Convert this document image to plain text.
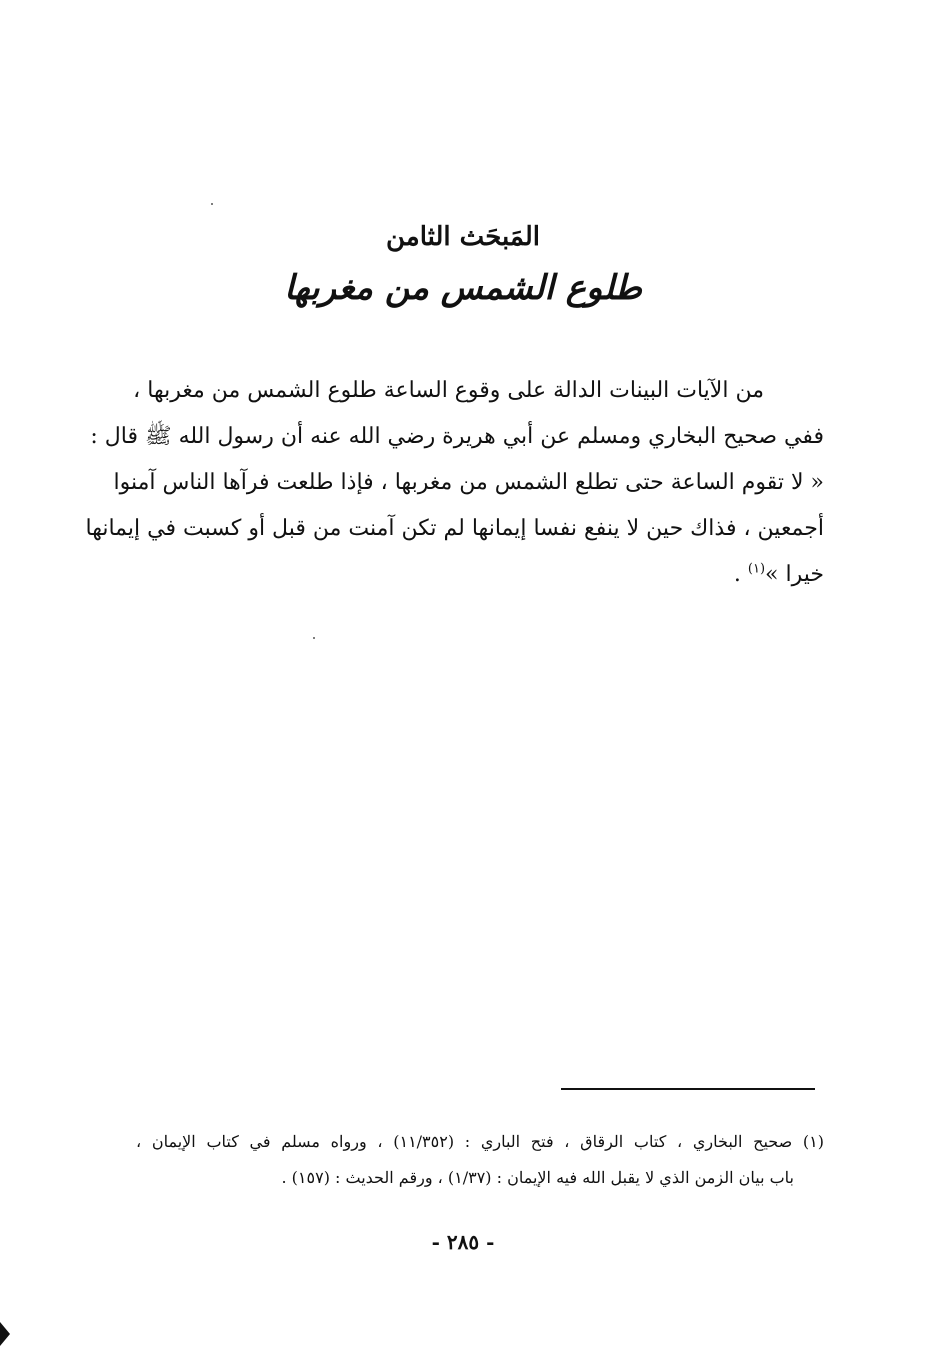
المَبحَث الثامن
طلوع الشمس من مغربها
من الآيات البينات الدالة على وقوع الساعة طلوع الشمس من مغربها ،
ففي صحيح البخاري ومسلم عن أبي هريرة رضي الله عنه أن رسول الله ﷺ قال :
« لا تقوم الساعة حتى تطلع الشمس من مغربها ، فإذا طلعت فرآها الناس آمنوا
أجمعين ، فذاك حين لا ينفع نفسا إيمانها لم تكن آمنت من قبل أو كسبت في إيمانها
خيرا »$^{(١)}$ .
(١) صحيح البخاري ، كتاب الرقاق ، فتح الباري : (١١/٣٥٢) ، ورواه مسلم في كتاب الإيمان ،
باب بيان الزمن الذي لا يقبل الله فيه الإيمان : (١/٣٧) ، ورقم الحديث : (١٥٧) .
- ٢٨٥ -
